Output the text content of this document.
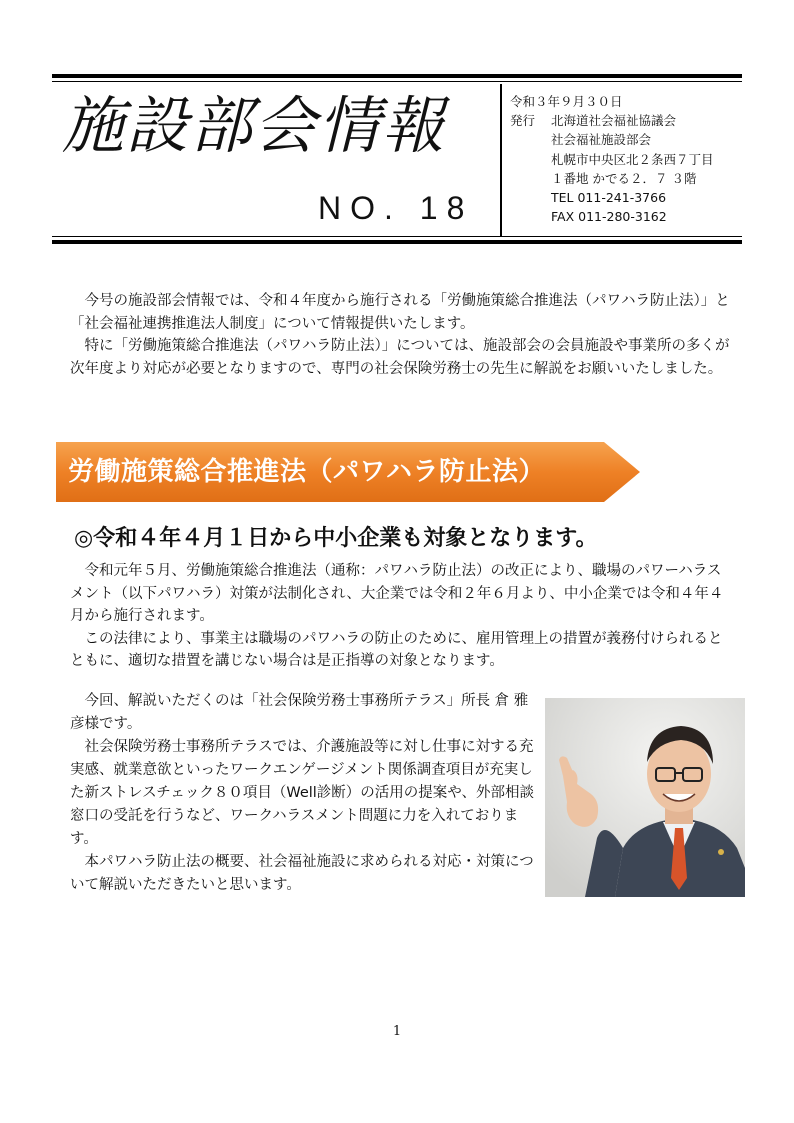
施設部会情報
NO. 18
令和３年９月３０日
発行 北海道社会福祉協議会
社会福祉施設部会
札幌市中央区北２条西７丁目
１番地 かでる２．７ ３階
TEL 011-241-3766
FAX 011-280-3162

今号の施設部会情報では、令和４年度から施行される「労働施策総合推進法（パワハラ防止法）」と「社会福祉連携推進法人制度」について情報提供いたします。

特に「労働施策総合推進法（パワハラ防止法）」については、施設部会の会員施設や事業所の多くが次年度より対応が必要となりますので、専門の社会保険労務士の先生に解説をお願いいたしました。

労働施策総合推進法（パワハラ防止法）
◎令和４年４月１日から中小企業も対象となります。

令和元年５月、労働施策総合推進法（通称：パワハラ防止法）の改正により、職場のパワーハラスメント（以下パワハラ）対策が法制化され、大企業では令和２年６月より、中小企業では令和４年４月から施行されます。

この法律により、事業主は職場のパワハラの防止のために、雇用管理上の措置が義務付けられるとともに、適切な措置を講じない場合は是正指導の対象となります。

今回、解説いただくのは「社会保険労務士事務所テラス」所長 倉 雅彦様です。

社会保険労務士事務所テラスでは、介護施設等に対し仕事に対する充実感、就業意欲といったワークエンゲージメント関係調査項目が充実した新ストレスチェック８０項目（Well診断）の活用の提案や、外部相談窓口の受託を行うなど、ワークハラスメント問題に力を入れております。

本パワハラ防止法の概要、社会福祉施設に求められる対応・対策について解説いただきたいと思います。

1
